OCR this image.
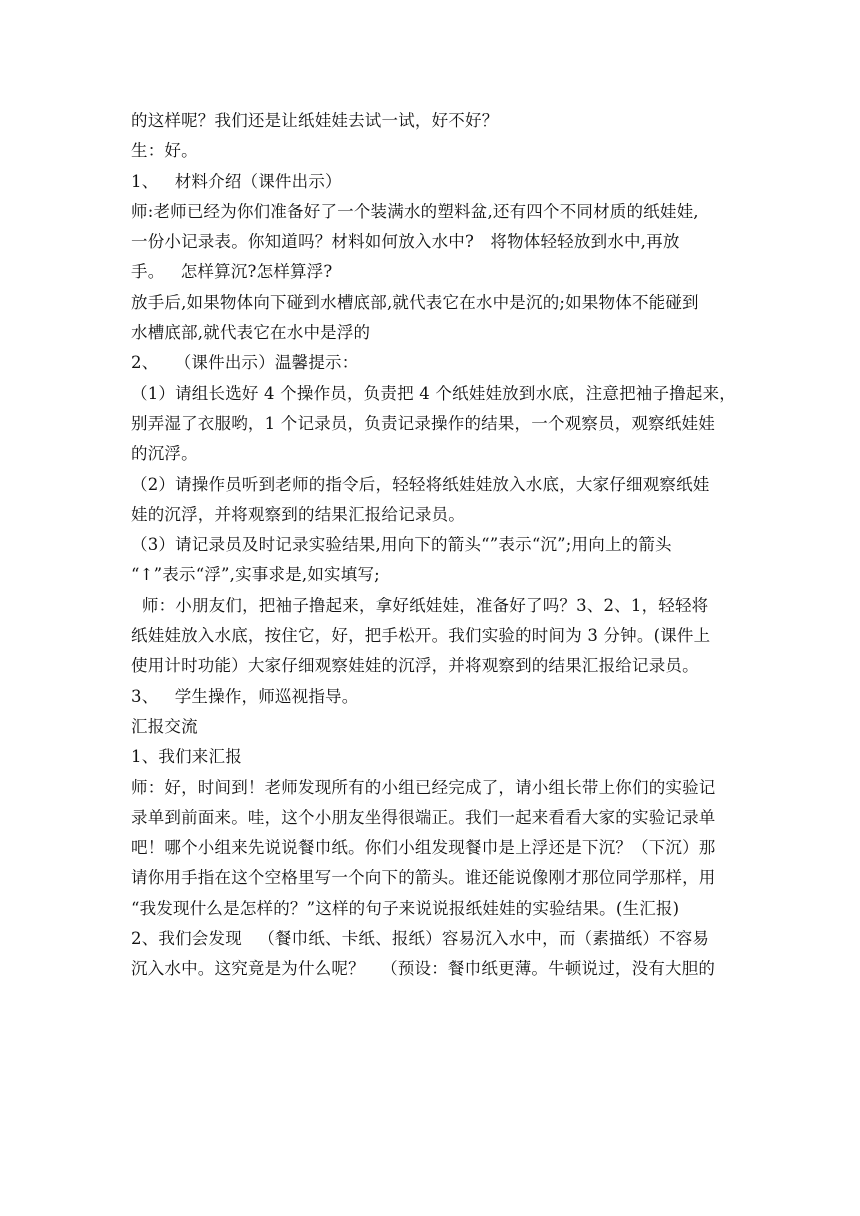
的这样呢？我们还是让纸娃娃去试一试，好不好？
生：好。
1、   材料介绍（课件出示）
师:老师已经为你们准备好了一个装满水的塑料盆,还有四个不同材质的纸娃娃,
一份小记录表。你知道吗？材料如何放入水中?   将物体轻轻放到水中,再放
手。   怎样算沉?怎样算浮?
放手后,如果物体向下碰到水槽底部,就代表它在水中是沉的;如果物体不能碰到
水槽底部,就代表它在水中是浮的
2、   （课件出示）温馨提示：
（1）请组长选好 4 个操作员，负责把 4 个纸娃娃放到水底，注意把袖子撸起来，
别弄湿了衣服哟，1 个记录员，负责记录操作的结果，一个观察员，观察纸娃娃
的沉浮。
（2）请操作员听到老师的指令后，轻轻将纸娃娃放入水底，大家仔细观察纸娃
娃的沉浮，并将观察到的结果汇报给记录员。
（3）请记录员及时记录实验结果,用向下的箭头“”表示“沉”;用向上的箭头
“↑”表示“浮”,实事求是,如实填写;
师：小朋友们，把袖子撸起来，拿好纸娃娃，准备好了吗？3、2、1，轻轻将
纸娃娃放入水底，按住它，好，把手松开。我们实验的时间为 3 分钟。(课件上
使用计时功能）大家仔细观察娃娃的沉浮，并将观察到的结果汇报给记录员。
3、   学生操作，师巡视指导。
汇报交流
1、我们来汇报
师：好，时间到！老师发现所有的小组已经完成了，请小组长带上你们的实验记
录单到前面来。哇，这个小朋友坐得很端正。我们一起来看看大家的实验记录单
吧！哪个小组来先说说餐巾纸。你们小组发现餐巾是上浮还是下沉？（下沉）那
请你用手指在这个空格里写一个向下的箭头。谁还能说像刚才那位同学那样，用
“我发现什么是怎样的？”这样的句子来说说报纸娃娃的实验结果。(生汇报)
2、我们会发现   （餐巾纸、卡纸、报纸）容易沉入水中，而（素描纸）不容易
沉入水中。这究竟是为什么呢？   （预设：餐巾纸更薄。牛顿说过，没有大胆的
